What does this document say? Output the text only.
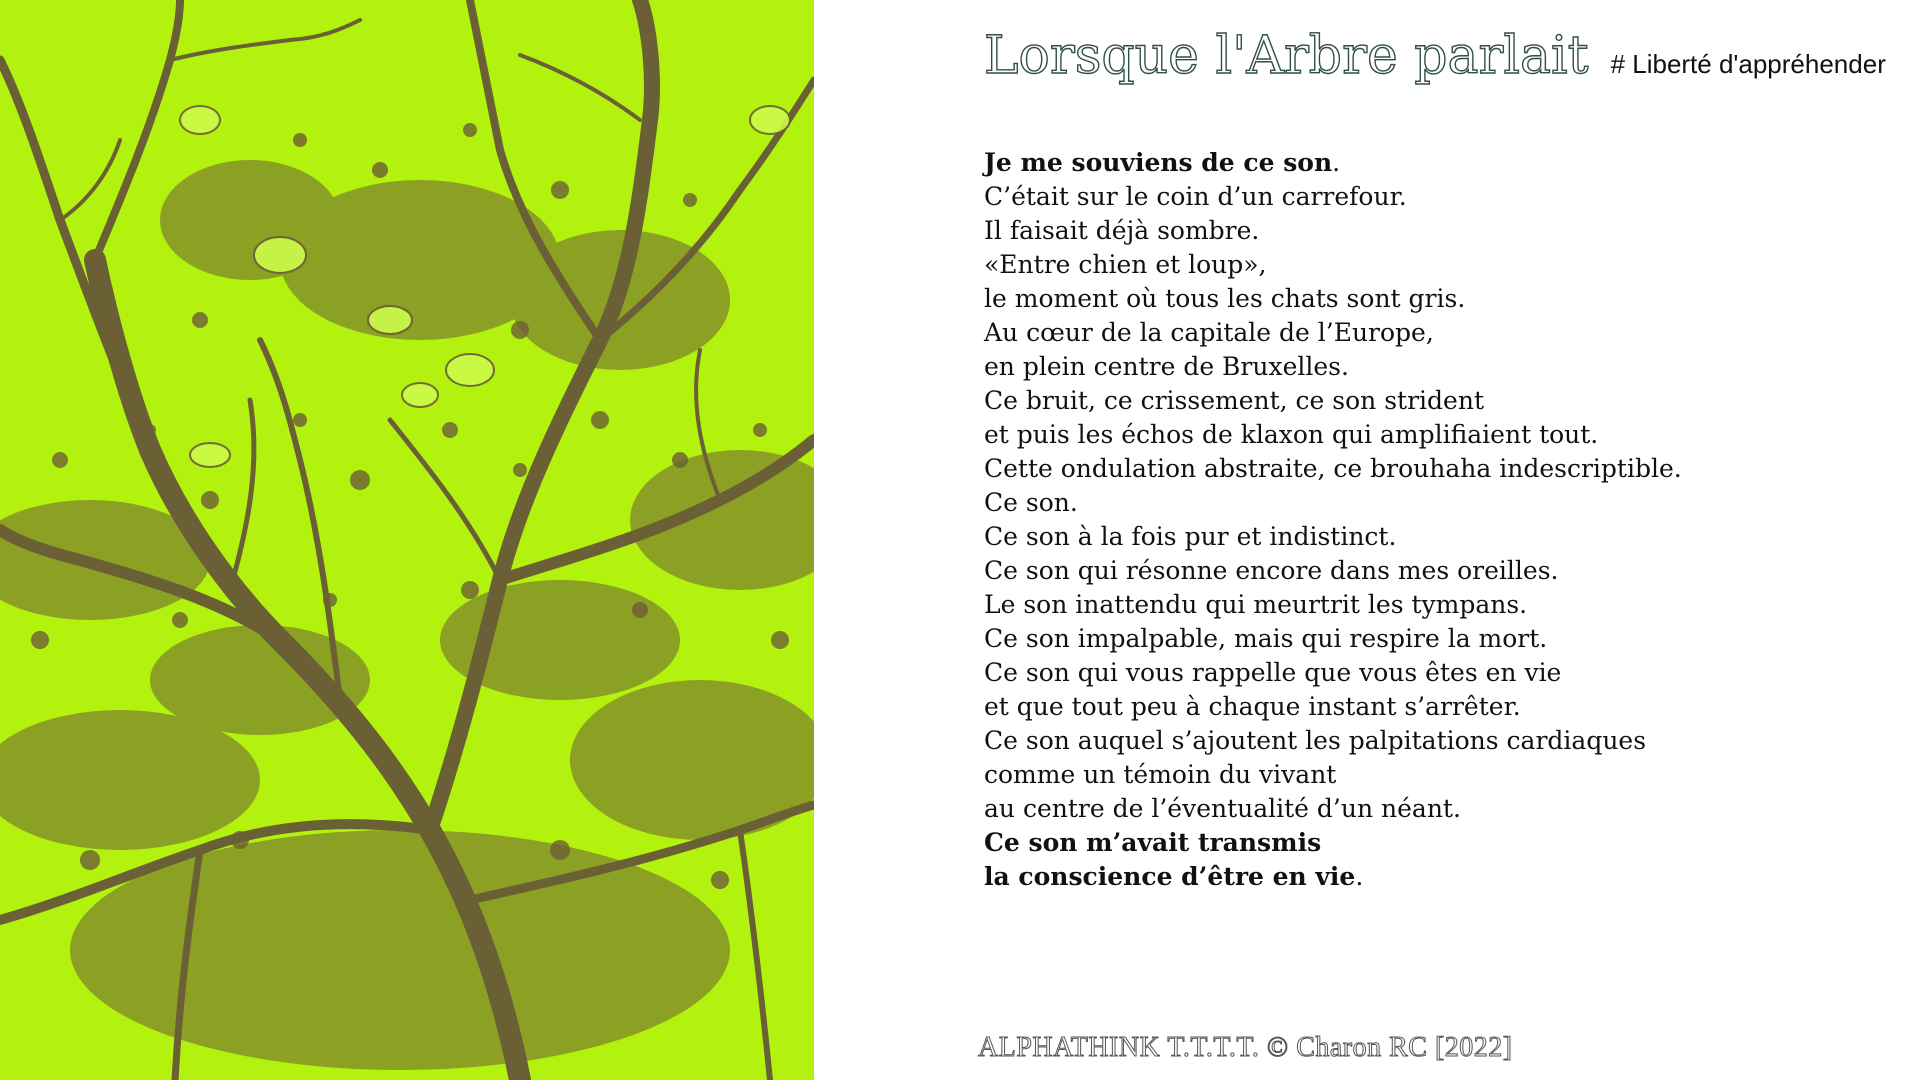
Lorsque l'Arbre parlait # Liberté d'appréhender
Je me souviens de ce son.
C’était sur le coin d’un carrefour.
Il faisait déjà sombre.
«Entre chien et loup»,
le moment où tous les chats sont gris.
Au cœur de la capitale de l’Europe,
en plein centre de Bruxelles.
Ce bruit, ce crissement, ce son strident
et puis les échos de klaxon qui amplifiaient tout.
Cette ondulation abstraite, ce brouhaha indescriptible.
Ce son.
Ce son à la fois pur et indistinct.
Ce son qui résonne encore dans mes oreilles.
Le son inattendu qui meurtrit les tympans.
Ce son impalpable, mais qui respire la mort.
Ce son qui vous rappelle que vous êtes en vie
et que tout peu à chaque instant s’arrêter.
Ce son auquel s’ajoutent les palpitations cardiaques
comme un témoin du vivant
au centre de l’éventualité d’un néant.
Ce son m’avait transmis
la conscience d’être en vie.
ALPHATHINK T.T.T.T. © Charon RC [2022]
